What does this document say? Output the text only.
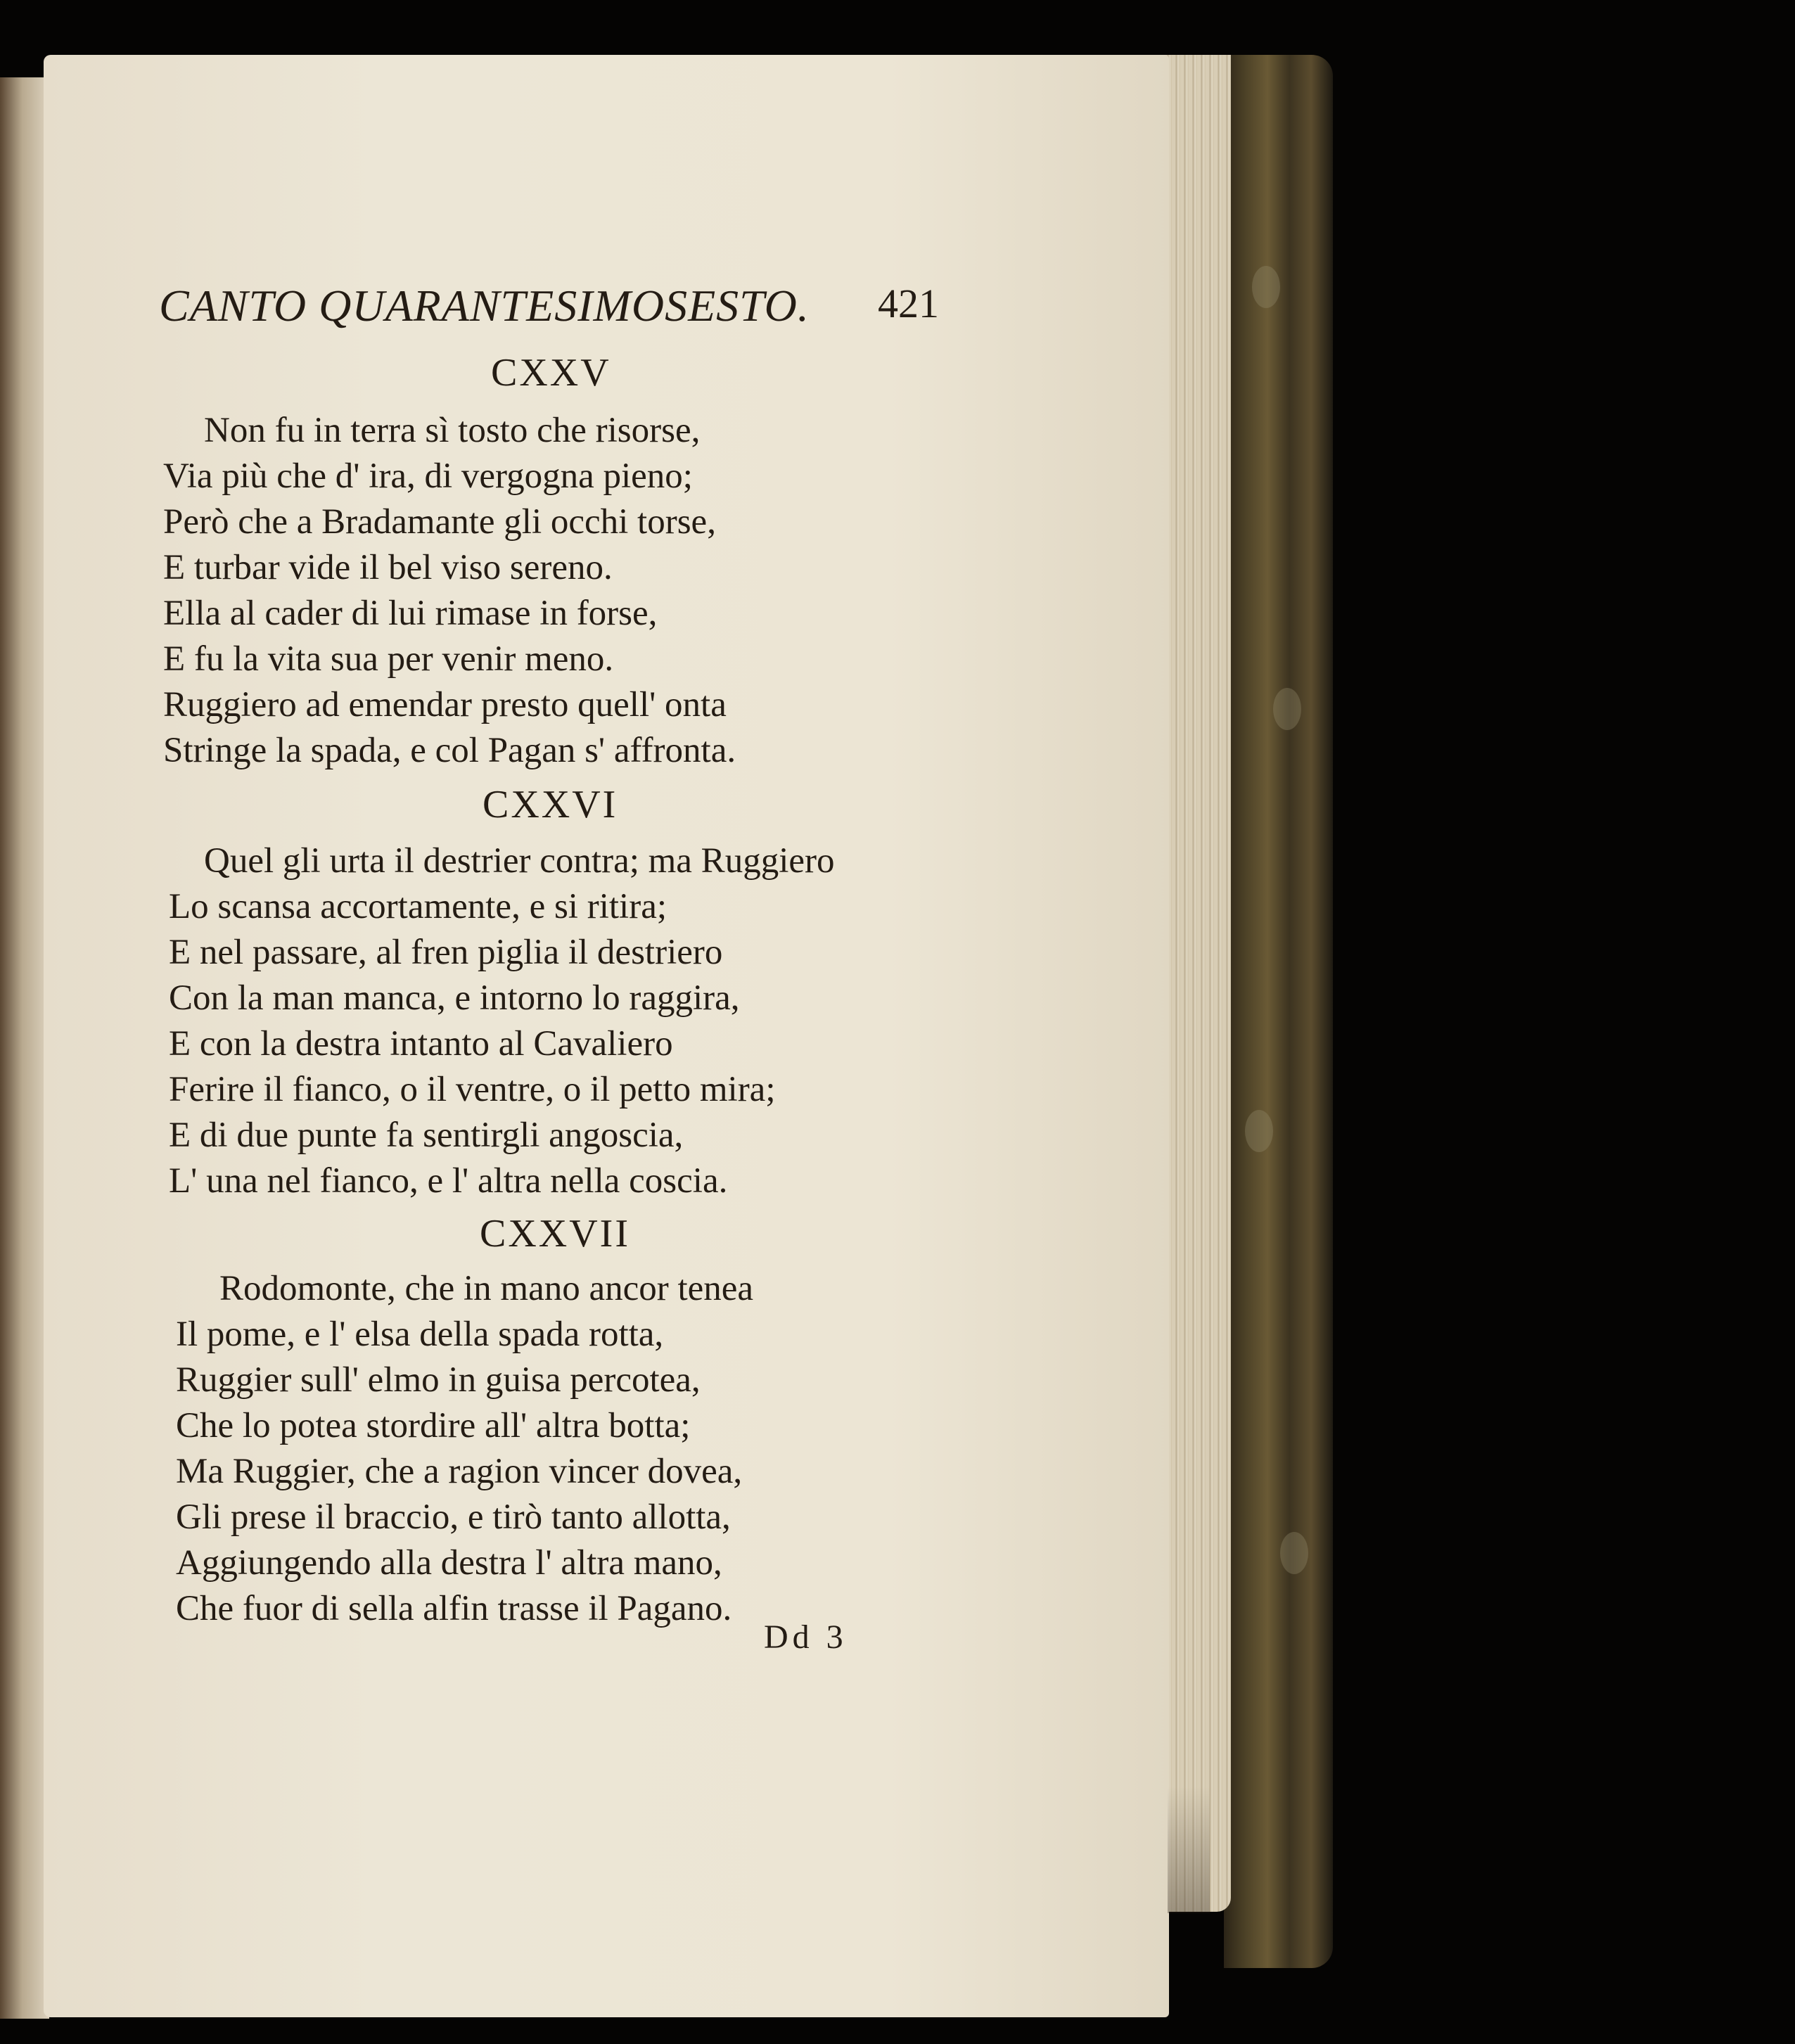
CANTO QUARANTESIMOSESTO.	421
CXXV
Non fu in terra sì tosto che risorse,
Via più che d' ira, di vergogna pieno;
Però che a Bradamante gli occhi torse,
E turbar vide il bel viso sereno.
Ella al cader di lui rimase in forse,
E fu la vita sua per venir meno.
Ruggiero ad emendar presto quell' onta
Stringe la spada, e col Pagan s' affronta.
CXXVI
Quel gli urta il destrier contra; ma Ruggiero
Lo scansa accortamente, e si ritira;
E nel passare, al fren piglia il destriero
Con la man manca, e intorno lo raggira,
E con la destra intanto al Cavaliero
Ferire il fianco, o il ventre, o il petto mira;
E di due punte fa sentirgli angoscia,
L' una nel fianco, e l' altra nella coscia.
CXXVII
Rodomonte, che in mano ancor tenea
Il pome, e l' elsa della spada rotta,
Ruggier sull' elmo in guisa percotea,
Che lo potea stordire all' altra botta;
Ma Ruggier, che a ragion vincer dovea,
Gli prese il braccio, e tirò tanto allotta,
Aggiungendo alla destra l' altra mano,
Che fuor di sella alfin trasse il Pagano.
Dd 3
